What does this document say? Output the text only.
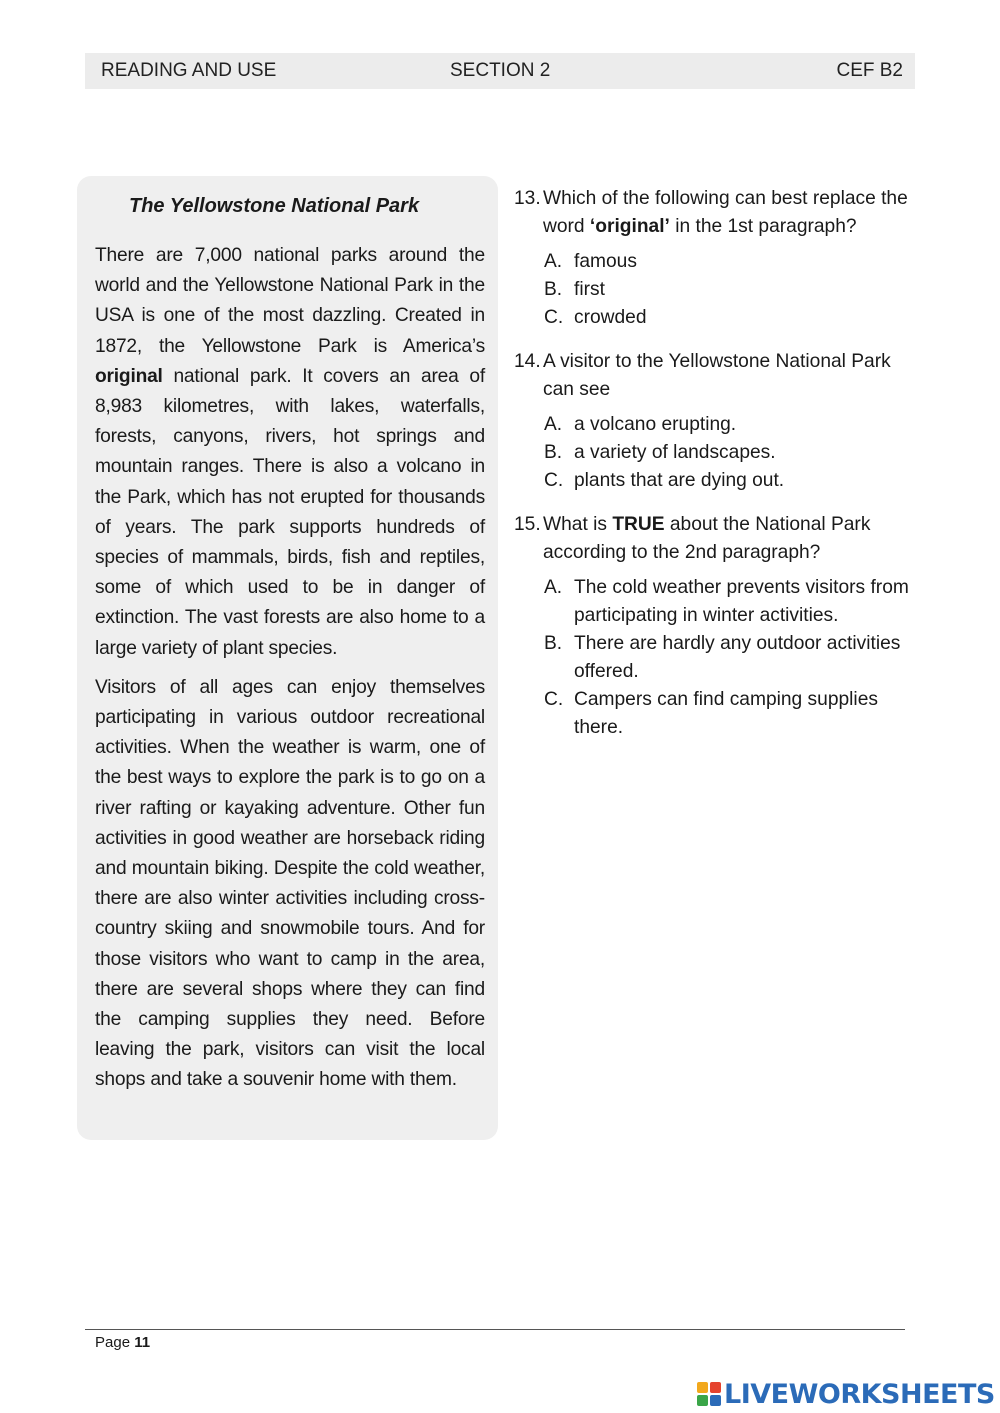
READING AND USE	SECTION 2	CEF B2
The Yellowstone National Park

There are 7,000 national parks around the world and the Yellowstone National Park in the USA is one of the most dazzling. Created in 1872, the Yellowstone Park is America’s original national park. It covers an area of 8,983 kilometres, with lakes, waterfalls, forests, canyons, rivers, hot springs and mountain ranges. There is also a volcano in the Park, which has not erupted for thousands of years. The park supports hundreds of species of mammals, birds, fish and reptiles, some of which used to be in danger of extinction. The vast forests are also home to a large variety of plant species.

Visitors of all ages can enjoy themselves participating in various outdoor recreational activities. When the weather is warm, one of the best ways to explore the park is to go on a river rafting or kayaking adventure. Other fun activities in good weather are horseback riding and mountain biking. Despite the cold weather, there are also winter activities including cross-country skiing and snowmobile tours. And for those visitors who want to camp in the area, there are several shops where they can find the camping supplies they need. Before leaving the park, visitors can visit the local shops and take a souvenir home with them.

13. Which of the following can best replace the word ‘original’ in the 1st paragraph?
A. famous
B. first
C. crowded
14. A visitor to the Yellowstone National Park can see
A. a volcano erupting.
B. a variety of landscapes.
C. plants that are dying out.
15. What is TRUE about the National Park according to the 2nd paragraph?
A. The cold weather prevents visitors from participating in winter activities.
B. There are hardly any outdoor activities offered.
C. Campers can find camping supplies there.
Page 11
LIVEWORKSHEETS
